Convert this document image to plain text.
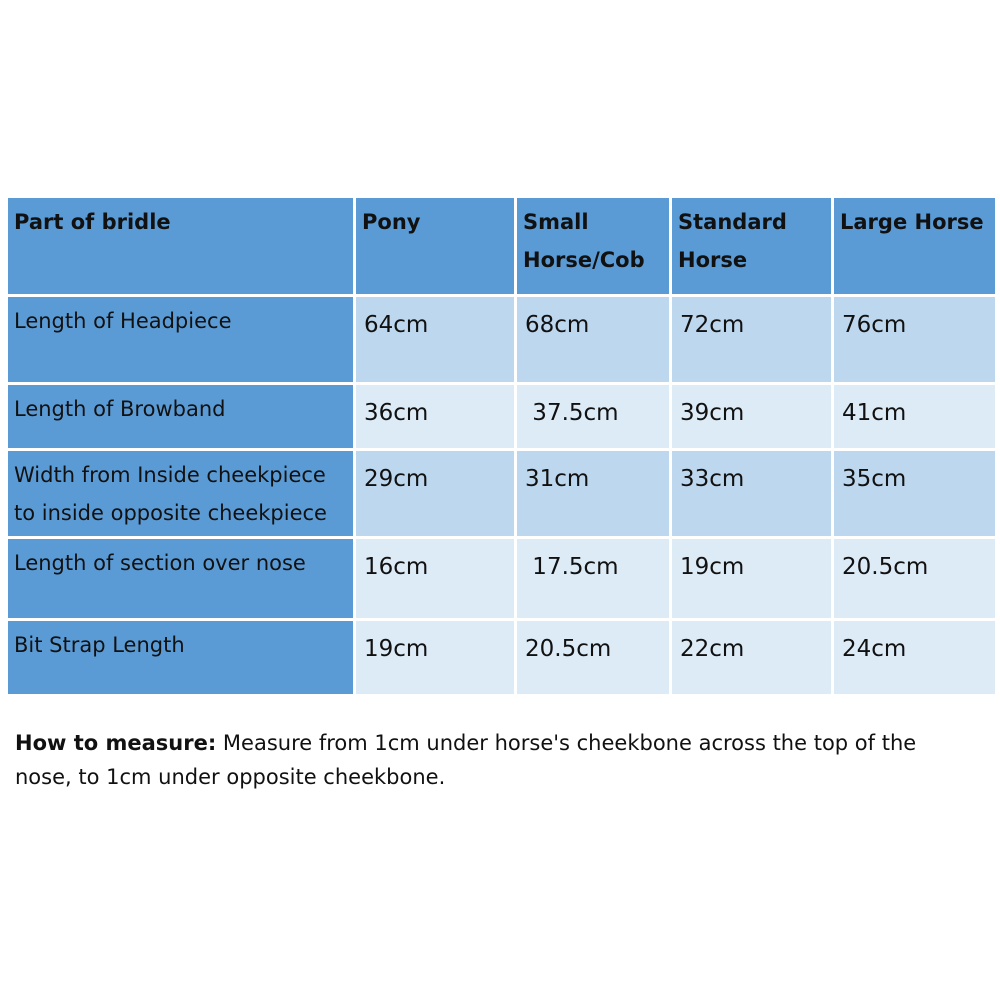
Part of bridle	Pony	Small Horse/Cob	Standard Horse	Large Horse
Length of Headpiece	64cm	68cm	72cm	76cm
Length of Browband	36cm	37.5cm	39cm	41cm
Width from Inside cheekpiece to inside opposite cheekpiece	29cm	31cm	33cm	35cm
Length of section over nose	16cm	17.5cm	19cm	20.5cm
Bit Strap Length	19cm	20.5cm	22cm	24cm

How to measure: Measure from 1cm under horse's cheekbone across the top of the nose, to 1cm under opposite cheekbone.
